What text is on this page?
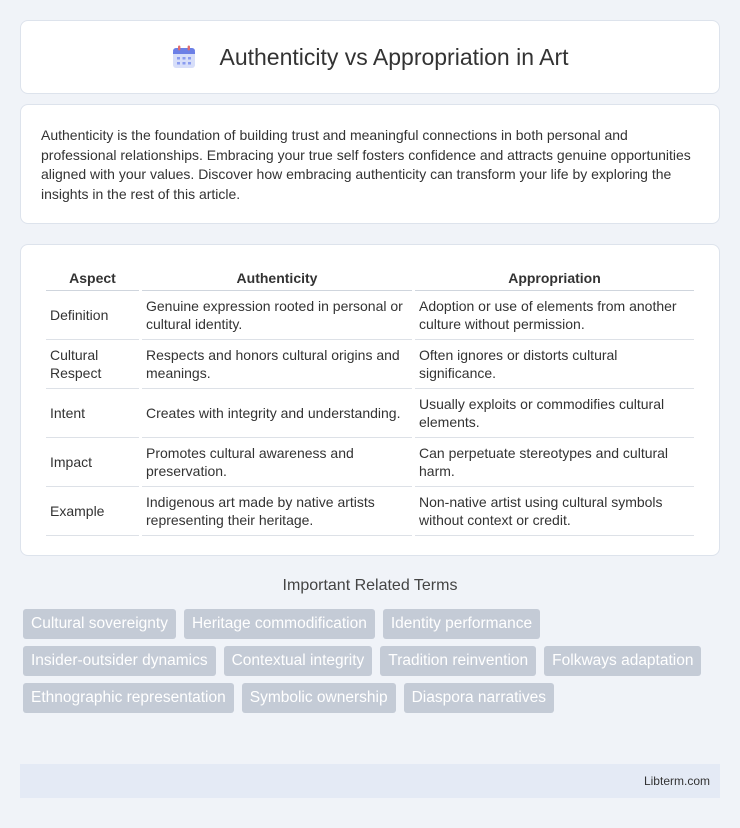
Authenticity vs Appropriation in Art

Authenticity is the foundation of building trust and meaningful connections in both personal and professional relationships. Embracing your true self fosters confidence and attracts genuine opportunities aligned with your values. Discover how embracing authenticity can transform your life by exploring the insights in the rest of this article.

Aspect	Authenticity	Appropriation
Definition	Genuine expression rooted in personal or cultural identity.	Adoption or use of elements from another culture without permission.
Cultural Respect	Respects and honors cultural origins and meanings.	Often ignores or distorts cultural significance.
Intent	Creates with integrity and understanding.	Usually exploits or commodifies cultural elements.
Impact	Promotes cultural awareness and preservation.	Can perpetuate stereotypes and cultural harm.
Example	Indigenous art made by native artists representing their heritage.	Non-native artist using cultural symbols without context or credit.
Important Related Terms
Cultural sovereignty	Heritage commodification	Identity performance
Insider-outsider dynamics	Contextual integrity	Tradition reinvention	Folkways adaptation
Ethnographic representation	Symbolic ownership	Diaspora narratives
Libterm.com
